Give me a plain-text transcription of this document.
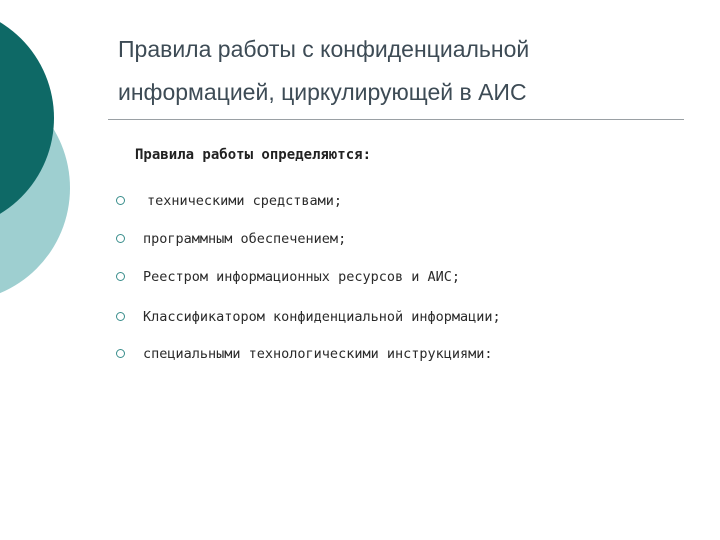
Правила работы с конфиденциальной
информацией, циркулирующей в АИС

Правила работы определяются:

техническими средствами;
программным обеспечением;
Реестром информационных ресурсов и АИС;
Классификатором конфиденциальной информации;
специальными технологическими инструкциями:
